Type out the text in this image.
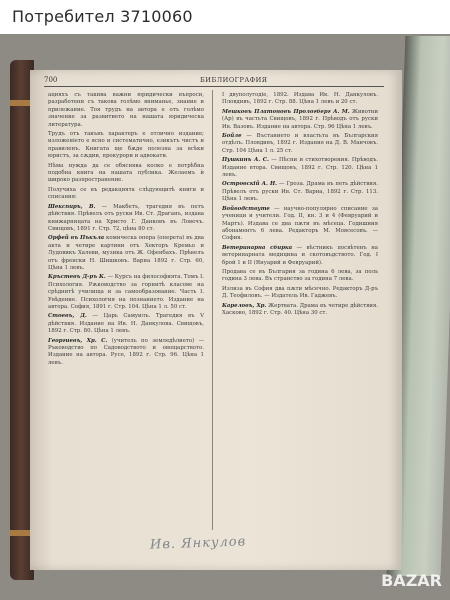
Потребител 3710060
700	БИБЛИОГРАФИЯ

ацияхъ съ такива важни юридически въпроси, разработени съ такова голѣмо вниманье, знание и прилежание. Тоя трудъ на автора е отъ голѣмо значение за развитието на нашата юридическа литература.

Трудъ отъ такъвъ характеръ е отлично издание; изложенiето е ясно и систематично, езикътъ чистъ и правиленъ. Книгата ще бѫде полезна за всѣки юристъ, за сѫдии, прокурори и адвокати.

Нѣма нужда да се обяснява колко е потрѣбна подобна книга на нашата публика. Желаемъ ѝ широко разпространение.

Получиха се въ редакцията слѣдующитѣ книги и списания:

Шекспиръ, В. — Макбетъ, трагедия въ петъ дѣйствия. Прѣвелъ отъ руски Ив. Ст. Драганъ, издава книжарницата на Христо Г. Данковъ въ Ловечъ. Свищовъ, 1891 г. Стр. 72, цѣна 80 ст.

Орфей въ Пъкъла комическа опера (оперета) въ два акта и четире картини отъ Хекторъ Кремьо и Лудовикъ Халеви, музика отъ Ж. Офенбахъ. Прѣвелъ отъ френски Н. Шишковъ. Варна 1892 г. Стр. 60, Цѣна 1 левъ.

Кръстевъ Д-ръ К. — Курсъ на философията. Томъ I. Психология. Рѫководство за горнитѣ класове на срѣднитѣ училища и за самообразование. Часть I. Увѣдение. Психология на познанието. Издание на автора. София, 1891 г. Стр. 104. Цѣна 1 л. 50 ст.

Стоевъ, Д. — Царь Самуилъ. Трагедия въ V дѣйствия. Издание на Ив. Н. Данкулова. Свищовъ, 1892 г. Стр. 80. Цѣна 1 левъ.

Георгиевъ, Хр. С. (учитель по земледѣлието) — Ръководство по Садоводството и овощарството. Издание на автора. Русе, 1892 г. Стр. 96. Цѣна 1 левъ.

I двуполугодіе, 1892. Издава Ив. Н. Данкуловъ. Пловдивъ, 1892 г. Стр. 88. Цѣна 1 левъ и 20 ст.

Мешковъ Платоновъ Прологберг А. М. Животни (Ар) въ частьта Свищовъ, 1892 г. Прѣводъ отъ руски Ив. Вазовъ. Издание на автора. Стр. 96 Цѣна 1 левъ.

Бойле — Въстанието и властьта въ Българския отдѣлъ. Пловдивъ, 1892 г. Издание на Д. В. Манчовъ. Стр. 104 Цѣна 1 л. 25 ст.

Пушкинъ А. С. — Пѣсни и стихотворения. Прѣводъ. Издание втора. Свищовъ, 1892 г. Стр. 120. Цѣна 1 левъ.

Островскій А. Н. — Гроза. Драма въ петь дѣйствия. Прѣвелъ отъ руски Ив. Ст. Варна, 1892 г. Стр. 113. Цѣна 1 левъ.

Войводствуте — научно-популярно списание за ученици и учители. Год. II, кн. 3 и 4 (Февруарий и Мартъ). Издава се два пѫти въ мѣсеца. Годишния абонаментъ 6 лева. Редакторъ М. Мовсесовъ. — София.

Ветеринарна сбирка — вѣстникъ посвѣтенъ на ветеринарната медицина и скотовъдството. Год. I брой 1 и II (Януарий и Февруарий).

Продава се въ България за година 6 лева, за поль година 3 лева. Въ странство за година 7 лева.

Излиза въ София два пѫти мѣсечно. Редакторъ Д-ръ Д. Теофиловъ. — Издатель Ив. Гаджевъ.

Кареловъ, Хр. Жертвата. Драма въ четире дѣйствия. Хасково, 1892 г. Стр. 40. Цѣна 30 ст.

Ив. Янкулов
BAZAR
